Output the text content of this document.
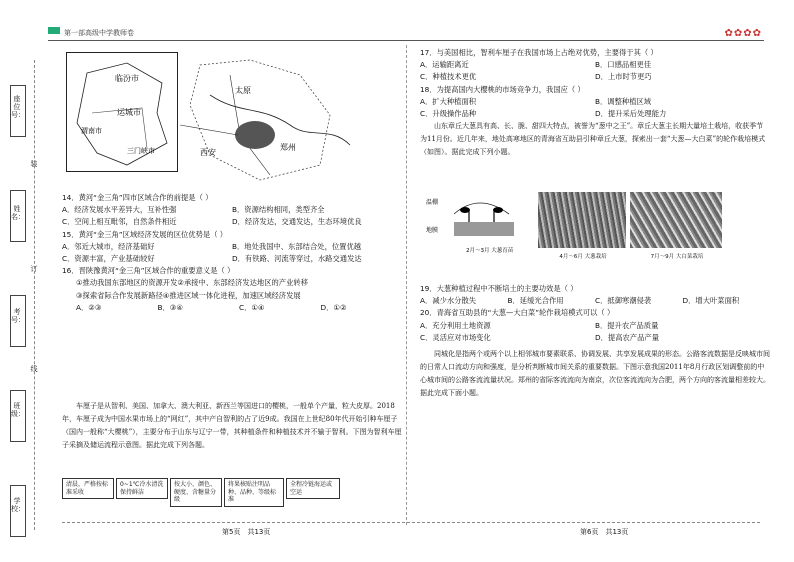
第一部高级中学教师卷	✿✿✿✿
座位号：
姓名：
考号：
班级：
学校：
装
订
线
临汾市
运城市
渭南市
三门峡市
太原
西安
郑州

14．黄河“金三角”四市区域合作的前提是（ ）

A．经济发展水平差异大，互补性强	B．资源结构相同，类型齐全
C．空间上相互毗邻，自然条件相近	D．经济发达，交通发达，生态环境优良

15．黄河“金三角”区域经济发展的区位优势是（ ）

A．邻近大城市，经济基础好	B．地处我国中、东部结合处，位置优越
C．资源丰富，产业基础较好	D．有铁路、河流等穿过，水路交通发达

16．晋陕豫黄河“金三角”区域合作的重要意义是（ ）

①推动我国东部地区的资源开发②承接中、东部经济发达地区的产业转移

③探索省际合作发展新路径④推进区域一体化进程，加速区域经济发展

A．②③	B．③④	C．①④	D．①②

车厘子是从智利、美国、加拿大、澳大利亚、新西兰等国进口的樱桃，一般单个产量，粒大皮厚。2018年，车厘子成为中国水果市场上的“网红”，其中产自智利的占了近9成。我国在上世纪80年代开始引种车厘子（国内一般称“大樱桃”），主要分布于山东与辽宁一带，其种植条件和种植技术并不输于智利。下图为智利车厘子采摘及储运流程示意图。据此完成下列各题。

清晨，严格按标准采收
0~1℃冷水清洗保持鲜洁
按大小、颜色、硬度、含糖量分级
将果核贴注明品种、品种、等级标准
全程冷链海运或空运

17．与美国相比，智利车厘子在我国市场上占绝对优势，主要得于其（ ）

A．运输距离近	B．口感品相更佳
C．种植技术更优	D．上市时节更巧

18．为提高国内大樱桃的市场竞争力，我国应（ ）

A．扩大种植面积	B．调整种植区域
C．升级操作品种	D．提升采后处理能力

山东章丘大葱具有高、长、脆、甜四大特点，被誉为“葱中之王”。章丘大葱主长期大量培土栽培，收获季节为11月份。近几年来，地处高寒地区的青海省互助县引种章丘大葱，探索出一套“大葱—大白菜”的轮作栽培模式（如图）。据此完成下列小题。

温棚
地膜
2月～3月 大葱育苗
4月～6月 大葱栽培	7月～9月 大白菜栽培

19．大葱种植过程中不断培土的主要功效是（ ）

A．减少水分散失	B．延缓光合作用	C．抵御寒潮侵袭	D．增大叶菜面积

20．青海省互助县的“大葱—大白菜”轮作栽培模式可以（ ）

A．充分利用土地资源	B．提升农产品质量
C．灵活应对市场变化	D．提高农产品产量

同城化是指两个或两个以上相邻城市要素联系、协调发展、共享发展成果的形态。公路客流数据是反映城市间的日常人口流动方向和强度，是分析判断城市间关系的重要数据。下图示意我国2011年8月行政区划调整前的中心城市间的公路客流流量状况。郑州的省际客流流向为南京，次位客流流向为合肥，两个方向的客流量相差较大。据此完成下面小题。

第5页　共13页	第6页　共13页
